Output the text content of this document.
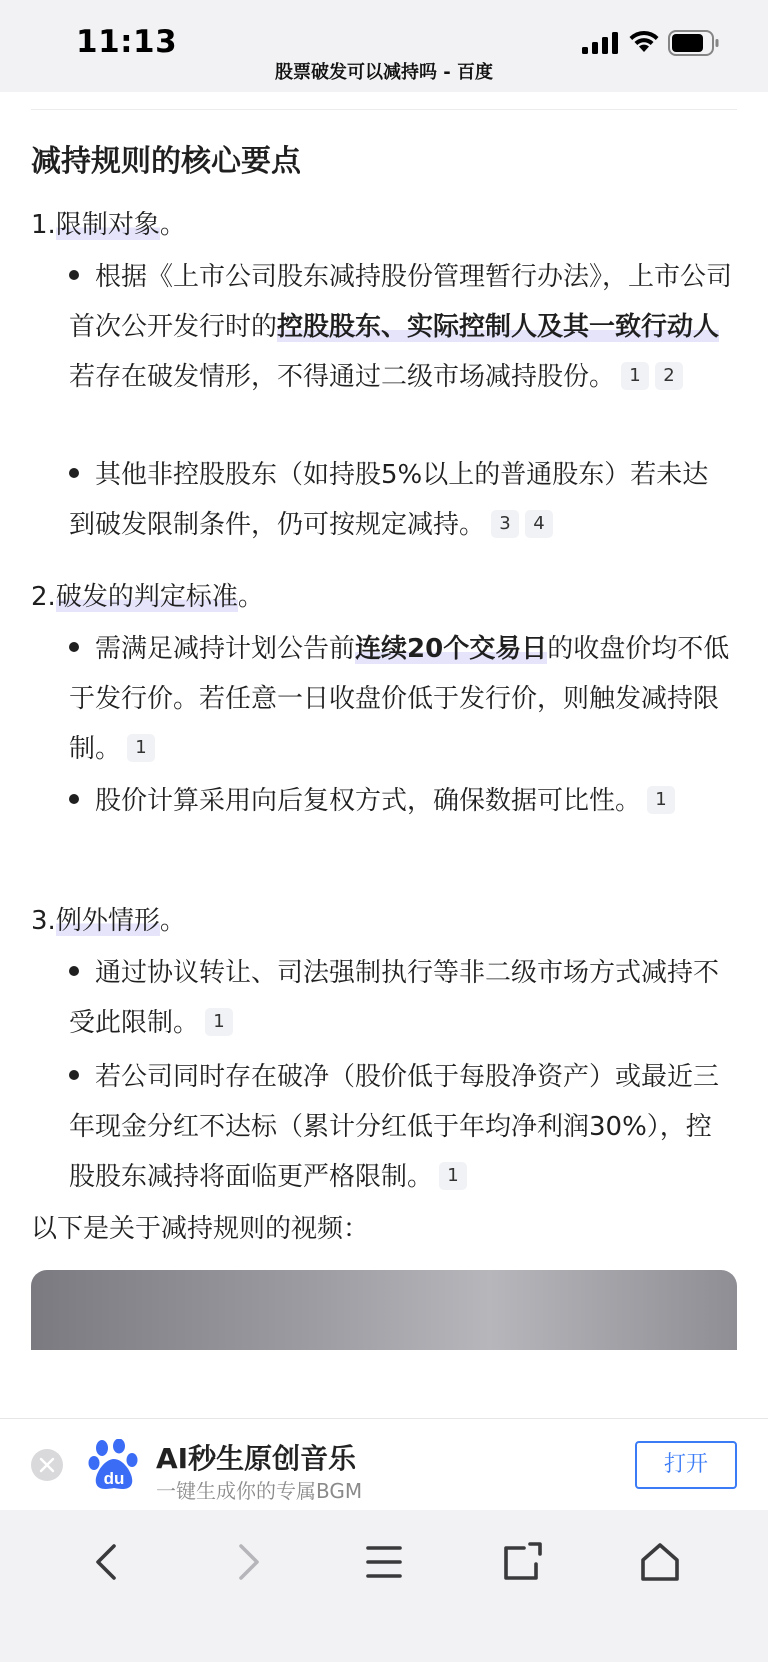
11:13
股票破发可以减持吗 - 百度
减持规则的核心要点
1.限制对象。
根据《上市公司股东减持股份管理暂行办法》，上市公司首次公开发行时的控股股东、实际控制人及其一致行动人若存在破发情形，不得通过二级市场减持股份。 1 2
其他非控股股东（如持股5%以上的普通股东）若未达到破发限制条件，仍可按规定减持。 3 4
2.破发的判定标准。
需满足减持计划公告前连续20个交易日的收盘价均不低于发行价。若任意一日收盘价低于发行价，则触发减持限制。 1
股价计算采用向后复权方式，确保数据可比性。 1
3.例外情形。
通过协议转让、司法强制执行等非二级市场方式减持不受此限制。 1
若公司同时存在破净（股价低于每股净资产）或最近三年现金分红不达标（累计分红低于年均净利润30%），控股股东减持将面临更严格限制。 1
以下是关于减持规则的视频：
du
AI秒生原创音乐
一键生成你的专属BGM
打开
